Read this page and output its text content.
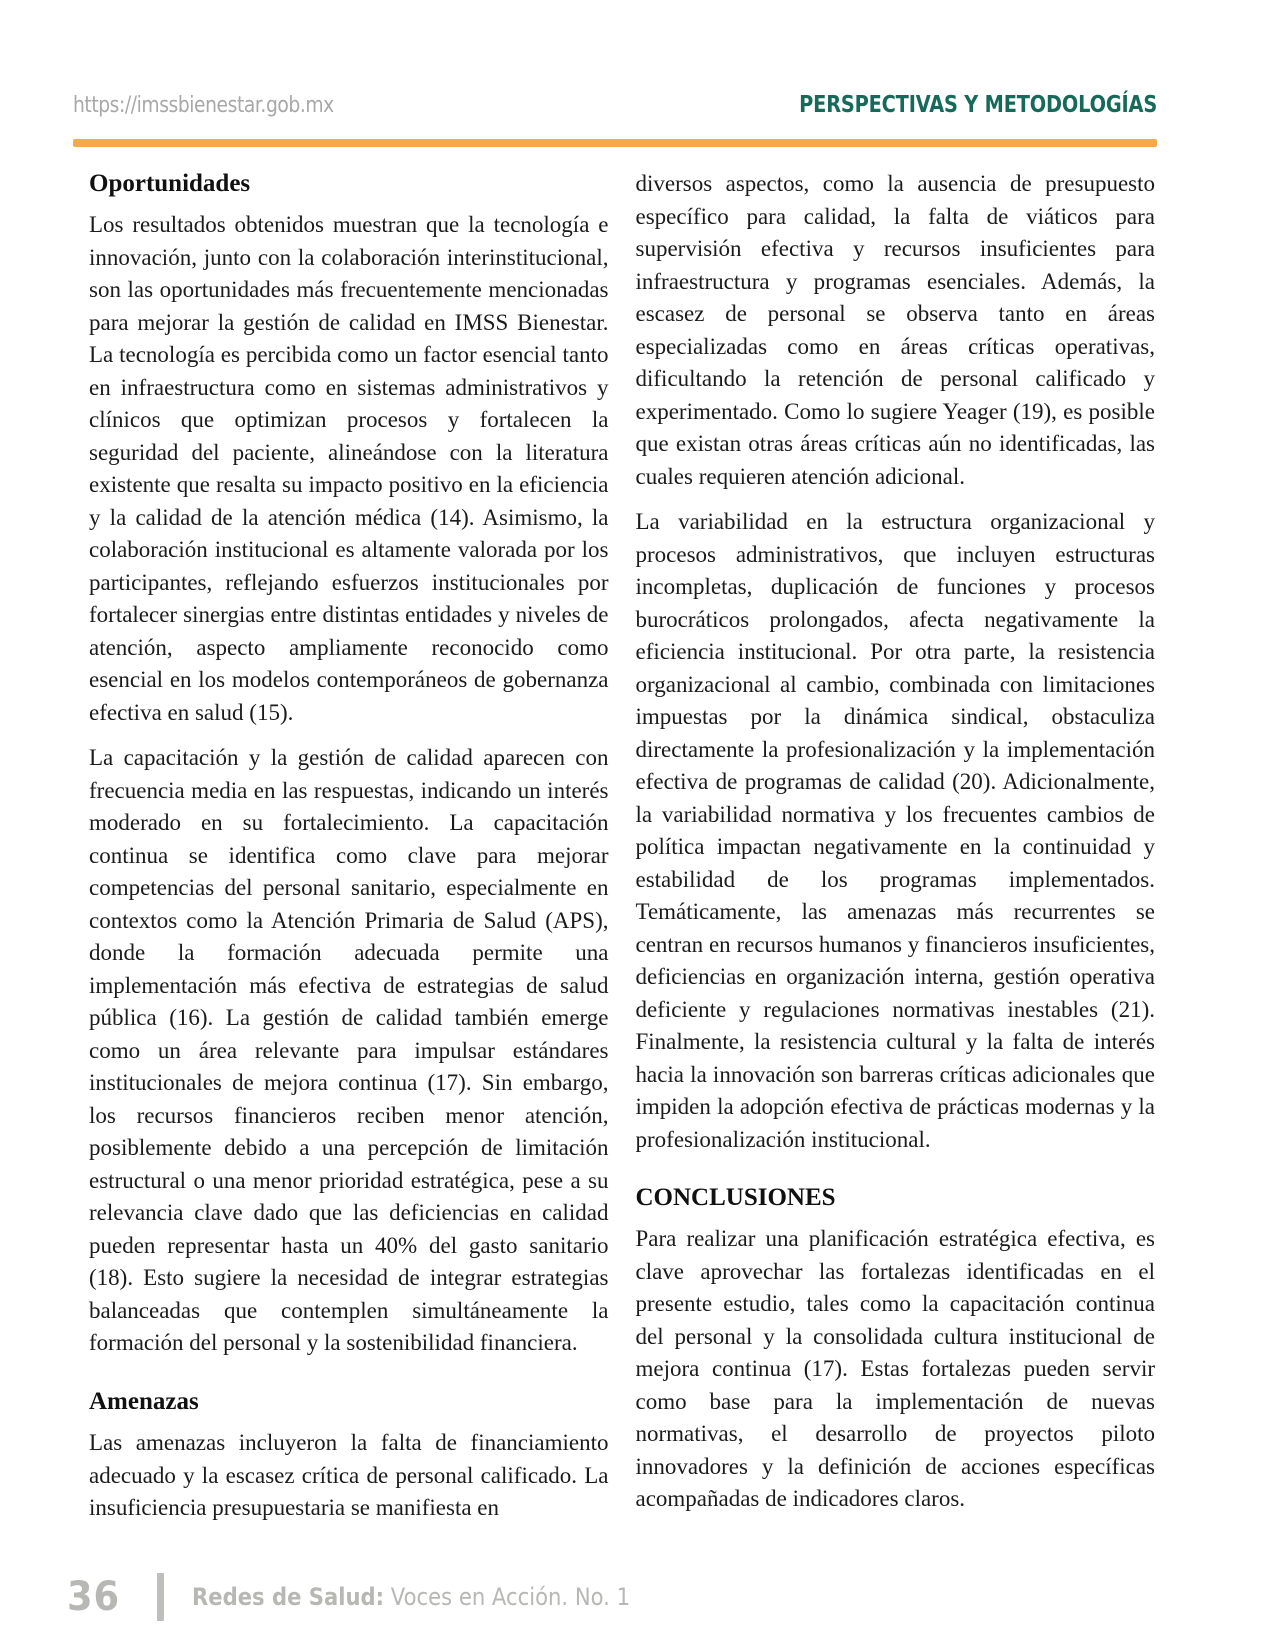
https://imssbienestar.gob.mx	PERSPECTIVAS Y METODOLOGÍAS
Oportunidades

Los resultados obtenidos muestran que la tecnología e innovación, junto con la colaboración interinstitucional, son las oportunidades más frecuentemente mencionadas para mejorar la gestión de calidad en IMSS Bienestar. La tecnología es percibida como un factor esencial tanto en infraestructura como en sistemas administrativos y clínicos que optimizan procesos y fortalecen la seguridad del paciente, alineándose con la literatura existente que resalta su impacto positivo en la eficiencia y la calidad de la atención médica (14). Asimismo, la colaboración institucional es altamente valorada por los participantes, reflejando esfuerzos institucionales por fortalecer sinergias entre distintas entidades y niveles de atención, aspecto ampliamente reconocido como esencial en los modelos contemporáneos de gobernanza efectiva en salud (15).

La capacitación y la gestión de calidad aparecen con frecuencia media en las respuestas, indicando un interés moderado en su fortalecimiento. La capacitación continua se identifica como clave para mejorar competencias del personal sanitario, especialmente en contextos como la Atención Primaria de Salud (APS), donde la formación adecuada permite una implementación más efectiva de estrategias de salud pública (16). La gestión de calidad también emerge como un área relevante para impulsar estándares institucionales de mejora continua (17). Sin embargo, los recursos financieros reciben menor atención, posiblemente debido a una percepción de limitación estructural o una menor prioridad estratégica, pese a su relevancia clave dado que las deficiencias en calidad pueden representar hasta un 40% del gasto sanitario (18). Esto sugiere la necesidad de integrar estrategias balanceadas que contemplen simultáneamente la formación del personal y la sostenibilidad financiera.

Amenazas

Las amenazas incluyeron la falta de financiamiento adecuado y la escasez crítica de personal calificado. La insuficiencia presupuestaria se manifiesta en

diversos aspectos, como la ausencia de presupuesto específico para calidad, la falta de viáticos para supervisión efectiva y recursos insuficientes para infraestructura y programas esenciales. Además, la escasez de personal se observa tanto en áreas especializadas como en áreas críticas operativas, dificultando la retención de personal calificado y experimentado. Como lo sugiere Yeager (19), es posible que existan otras áreas críticas aún no identificadas, las cuales requieren atención adicional.

La variabilidad en la estructura organizacional y procesos administrativos, que incluyen estructuras incompletas, duplicación de funciones y procesos burocráticos prolongados, afecta negativamente la eficiencia institucional. Por otra parte, la resistencia organizacional al cambio, combinada con limitaciones impuestas por la dinámica sindical, obstaculiza directamente la profesionalización y la implementación efectiva de programas de calidad (20). Adicionalmente, la variabilidad normativa y los frecuentes cambios de política impactan negativamente en la continuidad y estabilidad de los programas implementados. Temáticamente, las amenazas más recurrentes se centran en recursos humanos y financieros insuficientes, deficiencias en organización interna, gestión operativa deficiente y regulaciones normativas inestables (21). Finalmente, la resistencia cultural y la falta de interés hacia la innovación son barreras críticas adicionales que impiden la adopción efectiva de prácticas modernas y la profesionalización institucional.

CONCLUSIONES

Para realizar una planificación estratégica efectiva, es clave aprovechar las fortalezas identificadas en el presente estudio, tales como la capacitación continua del personal y la consolidada cultura institucional de mejora continua (17). Estas fortalezas pueden servir como base para la implementación de nuevas normativas, el desarrollo de proyectos piloto innovadores y la definición de acciones específicas acompañadas de indicadores claros.

36	Redes de Salud: Voces en Acción. No. 1
